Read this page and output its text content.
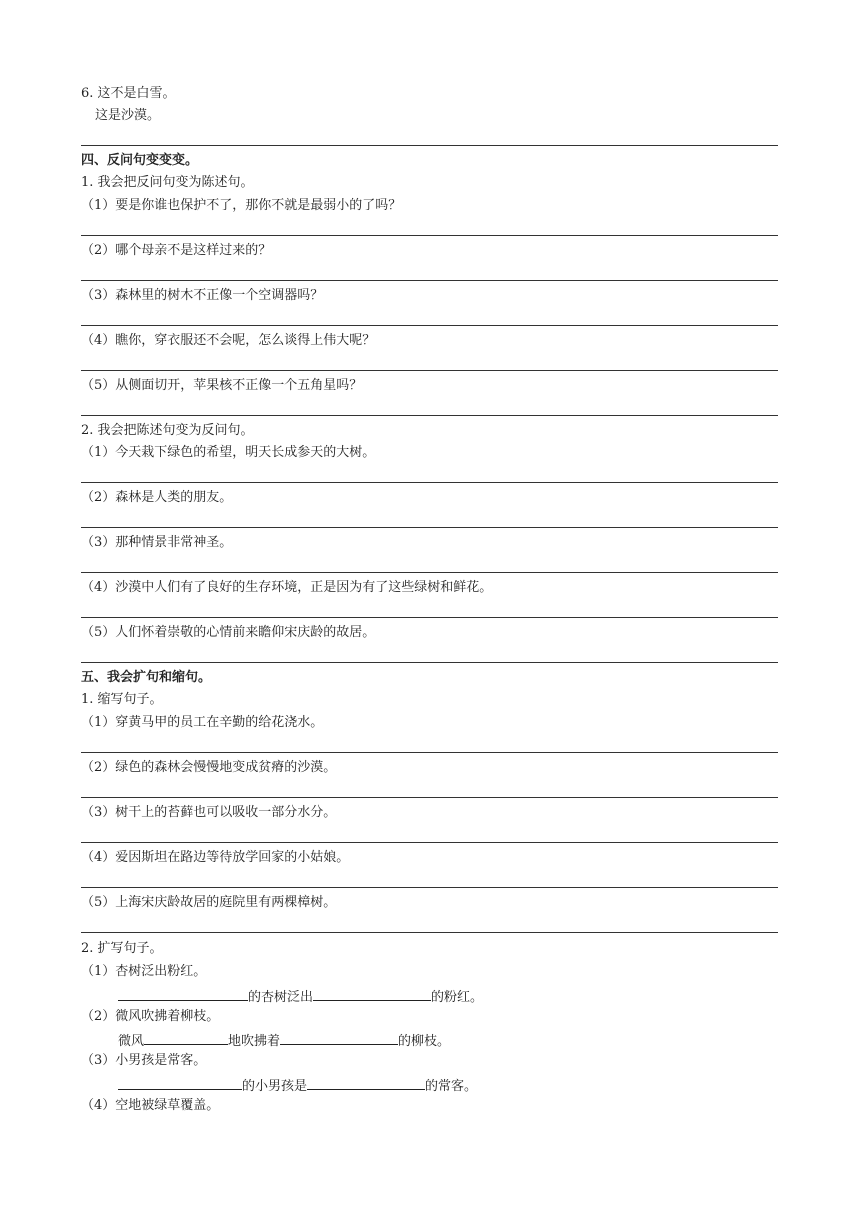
6. 这不是白雪。
这是沙漠。
四、反问句变变变。
1. 我会把反问句变为陈述句。
（1）要是你谁也保护不了，那你不就是最弱小的了吗？
（2）哪个母亲不是这样过来的？
（3）森林里的树木不正像一个空调器吗？
（4）瞧你，穿衣服还不会呢，怎么谈得上伟大呢？
（5）从侧面切开，苹果核不正像一个五角星吗？
2. 我会把陈述句变为反问句。
（1）今天栽下绿色的希望，明天长成参天的大树。
（2）森林是人类的朋友。
（3）那种情景非常神圣。
（4）沙漠中人们有了良好的生存环境，正是因为有了这些绿树和鲜花。
（5）人们怀着崇敬的心情前来瞻仰宋庆龄的故居。
五、我会扩句和缩句。
1. 缩写句子。
（1）穿黄马甲的员工在辛勤的给花浇水。
（2）绿色的森林会慢慢地变成贫瘠的沙漠。
（3）树干上的苔藓也可以吸收一部分水分。
（4）爱因斯坦在路边等待放学回家的小姑娘。
（5）上海宋庆龄故居的庭院里有两棵樟树。
2. 扩写句子。
（1）杏树泛出粉红。
的杏树泛出	的粉红。
（2）微风吹拂着柳枝。
微风	地吹拂着	的柳枝。
（3）小男孩是常客。
的小男孩是	的常客。
（4）空地被绿草覆盖。
